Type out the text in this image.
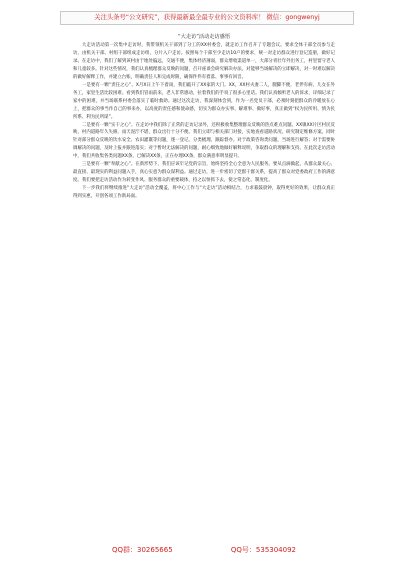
关注头条号“公文研究”，获得最新最全最专业的公文资料库！ 微信：gongwenyj
“大走访”活动走访感悟

大走访活动第一次集中走访时，我带领机关干部到了分工的XX村委会，就走访工作召开了专题会议。要求全体干部全员参与走访，由机关干部、村组干部组成走访组，分片入户走访。按照每个干部至少走访10户的要求，统一对走访群众进行登记造册，做好记录。在走访中，我们了解到该村由于地处偏远，交通不便，集体经济薄弱，群众增收渠道单一，大部分青壮年外出务工，村里留守老人和儿童较多。针对这些情况，我们认真梳理群众反映的问题，召开座谈会研究解决办法，对能够当场解决的立即解决，对一时难以解决的做好解释工作，并建立台账，明确责任人和完成时限，确保件件有着落、事事有回音。

一是要有一颗“责任之心”。X月X日上午下着雨，我们敲开了XX家的大门。XX，XX村夫妻二人，腿脚不便，老伴有病，儿女在外务工，家里生活比较困难。看到我们冒雨前来，老人非常感动，拉着我们的手说了很多心里话。我们认真倾听老人的诉求，详细记录了家中的困难，并当场联系村委会落实了临时救助。通过这次走访，我深刻体会到，作为一名党员干部，必须时刻把群众的冷暖放在心上，把群众的事当作自己的事来办，以高度的责任感和使命感，切实为群众办实事、解难事、做好事，真正做到“权为民所用、情为民所系、利为民所谋”。

二是要有一颗“实干之心”。在走访中我们除了正常的走访记录外，还积极收集整理群众反映的热点难点问题。XX镇XX片区村民反映，村内道路年久失修，雨天泥泞不堪，群众出行十分不便。我们立即与相关部门对接，实地查看道路状况，研究制定维修方案。同时针对部分群众反映的饮水安全、农田灌溉等问题，逐一登记、分类梳理、跟踪督办。对于政策咨询类问题，当场进行解答；对于需要协调解决的问题，及时上报并跟进落实；对于暂时无法解决的问题，耐心细致地做好解释说明，争取群众的理解和支持。在此次走访活动中，我们共收集各类问题XX条，已解决XX条，正在办理XX条，群众满意率明显提升。

三是要有一颗“奉献之心”。在新形势下，我们应该牢记党的宗旨，始终坚持全心全意为人民服务。要从点滴做起，从群众最关心、最直接、最现实的利益问题入手，真心实意为群众谋利益。通过走访，进一步密切了党群干群关系，提高了群众对党委政府工作的满意度。我们要把走访活动作为转变作风、服务群众的重要载体，持之以恒抓下去，使之常态化、制度化。

下一步我们将继续推进“大走访”活动全覆盖，将中心工作与“大走访”活动相结合，力求暮鼓晨钟，取得更好的效果，让群众真正得到实惠，开创各项工作新局面。

QQ群：30265665	QQ号：535304092
